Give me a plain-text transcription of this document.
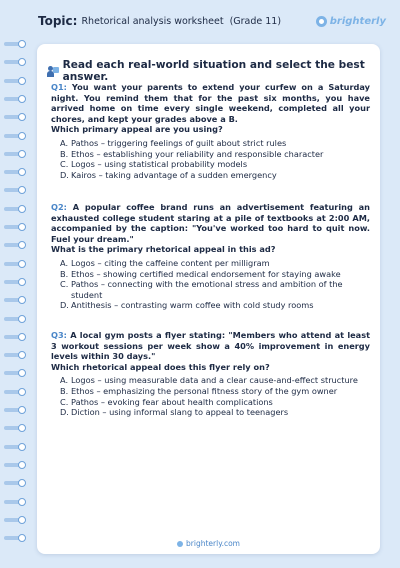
Topic: Rhetorical analysis worksheet (Grade 11)	brighterly
Read each real-world situation and select the best answer.

Q1: You want your parents to extend your curfew on a Saturday night. You remind them that for the past six months, you have arrived home on time every single weekend, completed all your chores, and kept your grades above a B.

Which primary appeal are you using?

A. Pathos – triggering feelings of guilt about strict rules
B. Ethos – establishing your reliability and responsible character
C. Logos – using statistical probability models
D. Kairos – taking advantage of a sudden emergency

Q2: A popular coffee brand runs an advertisement featuring an exhausted college student staring at a pile of textbooks at 2:00 AM, accompanied by the caption: "You've worked too hard to quit now. Fuel your dream."

What is the primary rhetorical appeal in this ad?

A. Logos – citing the caffeine content per milligram
B. Ethos – showing certified medical endorsement for staying awake
C. Pathos – connecting with the emotional stress and ambition of the student
D. Antithesis – contrasting warm coffee with cold study rooms

Q3: A local gym posts a flyer stating: "Members who attend at least 3 workout sessions per week show a 40% improvement in energy levels within 30 days."

Which rhetorical appeal does this flyer rely on?

A. Logos – using measurable data and a clear cause-and-effect structure
B. Ethos – emphasizing the personal fitness story of the gym owner
C. Pathos – evoking fear about health complications
D. Diction – using informal slang to appeal to teenagers
brighterly.com
